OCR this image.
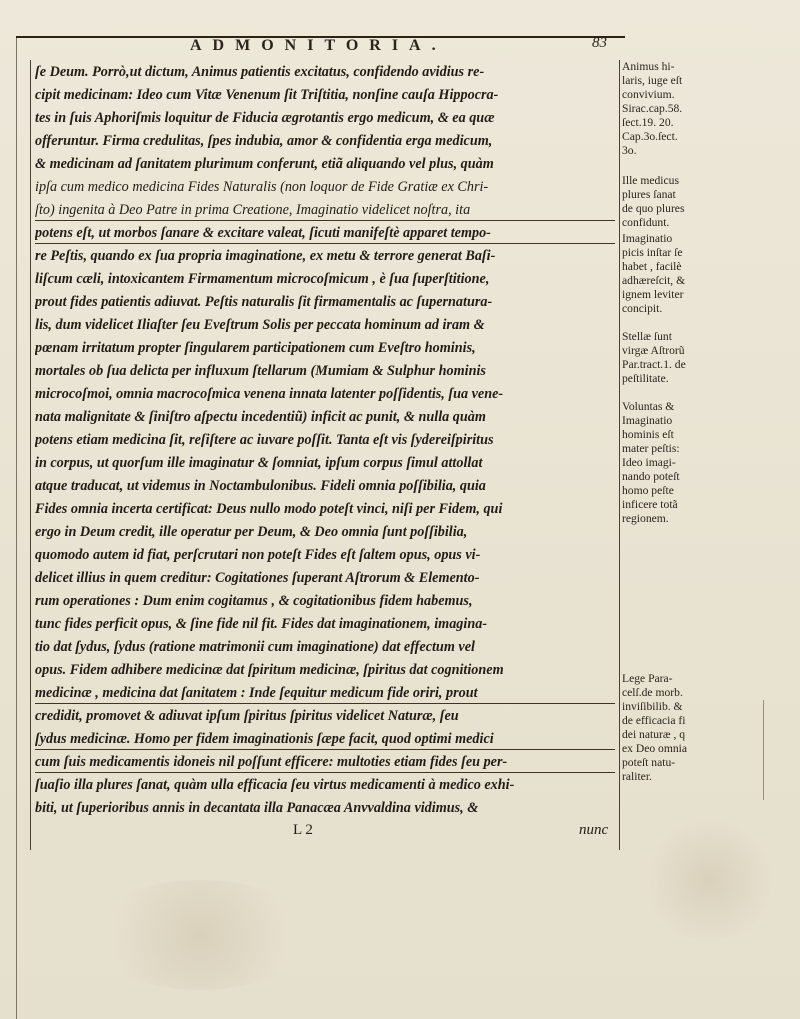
ADMONITORIA.	83
ſe Deum. Porrò,ut dictum, Animus patientis excitatus, confidendo avidius re-
cipit medicinam: Ideo cum Vitæ Venenum ſit Triſtitia, nonſine cauſa Hippocra-
tes in ſuis Aphoriſmis loquitur de Fiducia ægrotantis ergo medicum, & ea quæ
offeruntur. Firma credulitas, ſpes indubia, amor & confidentia erga medicum,
& medicinam ad ſanitatem plurimum conferunt, etiã aliquando vel plus, quàm
ipſa cum medico medicina Fides Naturalis (non loquor de Fide Gratiæ ex Chri-
ſto) ingenita à Deo Patre in prima Creatione, Imaginatio videlicet noſtra, ita
potens eſt, ut morbos ſanare & excitare valeat, ſicuti manifeſtè apparet tempo-
re Peſtis, quando ex ſua propria imaginatione, ex metu & terrore generat Baſi-
liſcum cæli, intoxicantem Firmamentum microcoſmicum , è ſua ſuperſtitione,
prout fides patientis adiuvat. Peſtis naturalis ſit firmamentalis ac ſupernatura-
lis, dum videlicet Iliaſter ſeu Eveſtrum Solis per peccata hominum ad iram &
pœnam irritatum propter ſingularem participationem cum Eveſtro hominis,
mortales ob ſua delicta per influxum ſtellarum (Mumiam & Sulphur hominis
microcoſmoi, omnia macrocoſmica venena innata latenter poſſidentis, ſua vene-
nata malignitate & ſiniſtro aſpectu incedentiũ) inficit ac punit, & nulla quàm
potens etiam medicina ſit, reſiſtere ac iuvare poſſit. Tanta eſt vis ſydereiſpiritus
in corpus, ut quorſum ille imaginatur & ſomniat, ipſum corpus ſimul attollat
atque traducat, ut videmus in Noctambulonibus. Fideli omnia poſſibilia, quia
Fides omnia incerta certificat: Deus nullo modo poteſt vinci, niſi per Fidem, qui
ergo in Deum credit, ille operatur per Deum, & Deo omnia ſunt poſſibilia,
quomodo autem id fiat, perſcrutari non poteſt Fides eſt ſaltem opus, opus vi-
delicet illius in quem creditur: Cogitationes ſuperant Aſtrorum & Elemento-
rum operationes : Dum enim cogitamus , & cogitationibus fidem habemus,
tunc fides perficit opus, & ſine fide nil fit. Fides dat imaginationem, imagina-
tio dat ſydus, ſydus (ratione matrimonii cum imaginatione) dat effectum vel
opus. Fidem adhibere medicinæ dat ſpiritum medicinæ, ſpiritus dat cognitionem
medicinæ , medicina dat ſanitatem : Inde ſequitur medicum fide oriri, prout
credidit, promovet & adiuvat ipſum ſpiritus ſpiritus videlicet Naturæ, ſeu
ſydus medicinæ. Homo per fidem imaginationis ſæpe facit, quod optimi medici
cum ſuis medicamentis idoneis nil poſſunt efficere: multoties etiam fides ſeu per-
ſuaſio illa plures ſanat, quàm ulla efficacia ſeu virtus medicamenti à medico exhi-
biti, ut ſuperioribus annis in decantata illa Panacæa Anvvaldina vidimus, &
L 2	nunc
Animus hi-
laris, iuge eſt
convivium.
Sirac.cap.58.
ſect.19. 20.
Cap.3o.ſect.
3o.
Ille medicus
plures ſanat
de quo plures
confidunt.
Imaginatio
picis inſtar ſe
habet , facilè
adhæreſcit, &
ignem leviter
concipit.
Stellæ ſunt
virgæ Aſtrorũ
Par.tract.1. de
peſtilitate.
Voluntas &
Imaginatio
hominis eſt
mater peſtis:
Ideo imagi-
nando poteſt
homo peſte
inficere totã
regionem.
Lege Para-
celſ.de morb.
inviſibilib. &
de efficacia fi
dei naturæ , q
ex Deo omnia
poteſt natu-
raliter.
